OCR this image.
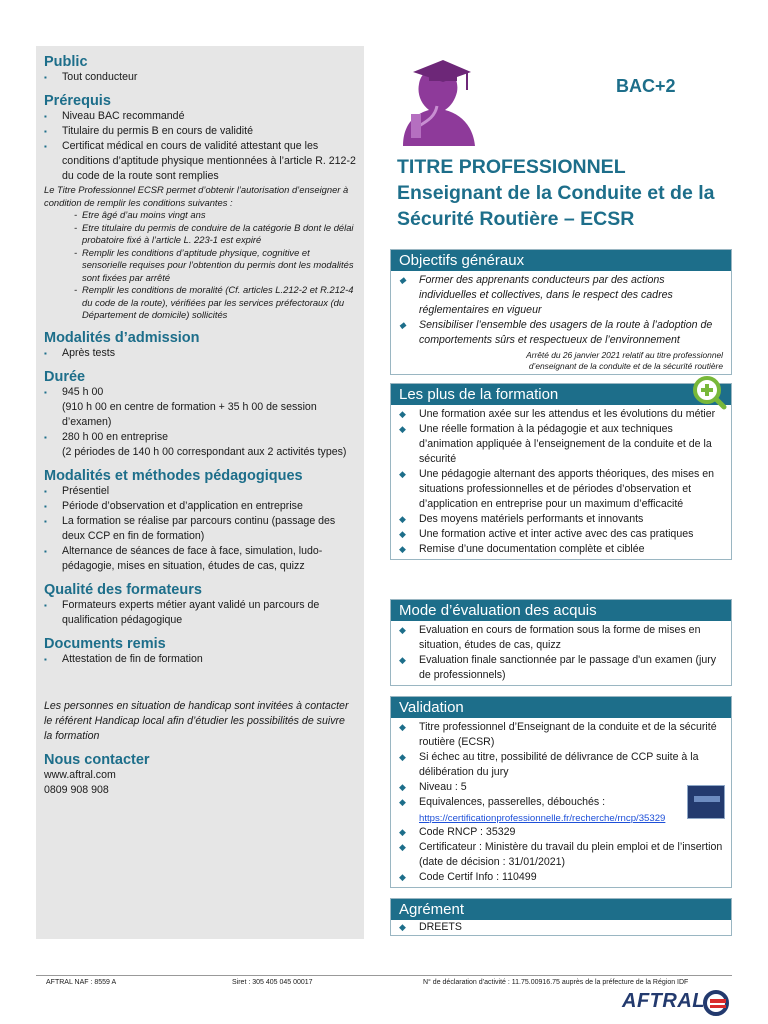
Public
▪ Tout conducteur
Prérequis
▪ Niveau BAC recommandé
▪ Titulaire du permis B en cours de validité
▪ Certificat médical en cours de validité attestant que les conditions d’aptitude physique mentionnées à l’article R. 212-2 du code de la route sont remplies

Le Titre Professionnel ECSR permet d’obtenir l’autorisation d’enseigner à condition de remplir les conditions suivantes :

- Etre âgé d’au moins vingt ans
- Etre titulaire du permis de conduire de la catégorie B dont le délai probatoire fixé à l’article L. 223-1 est expiré
- Remplir les conditions d’aptitude physique, cognitive et sensorielle requises pour l’obtention du permis dont les modalités sont fixées par arrêté
- Remplir les conditions de moralité (Cf. articles L.212-2 et R.212-4 du code de la route), vérifiées par les services préfectoraux (du Département de domicile) sollicités
Modalités d’admission
▪ Après tests
Durée
▪ 945 h 00
(910 h 00 en centre de formation + 35 h 00 de session d’examen)
▪ 280 h 00 en entreprise
(2 périodes de 140 h 00 correspondant aux 2 activités types)
Modalités et méthodes pédagogiques
▪ Présentiel
▪ Période d’observation et d’application en entreprise
▪ La formation se réalise par parcours continu (passage des deux CCP en fin de formation)
▪ Alternance de séances de face à face, simulation, ludo-pédagogie, mises en situation, études de cas, quizz
Qualité des formateurs
▪ Formateurs experts métier ayant validé un parcours de qualification pédagogique
Documents remis
▪ Attestation de fin de formation

Les personnes en situation de handicap sont invitées à contacter le référent Handicap local afin d’étudier les possibilités de suivre la formation

Nous contacter

www.aftral.com

0809 908 908

BAC+2
TITRE PROFESSIONNEL
Enseignant de la Conduite et de la
Sécurité Routière – ECSR
Objectifs généraux
◆ Former des apprenants conducteurs par des actions individuelles et collectives, dans le respect des cadres réglementaires en vigueur
◆ Sensibiliser l’ensemble des usagers de la route à l’adoption de comportements sûrs et respectueux de l’environnement
Arrêté du 26 janvier 2021 relatif au titre professionnel
d’enseignant de la conduite et de la sécurité routière
Les plus de la formation
◆ Une formation axée sur les attendus et les évolutions du métier
◆ Une réelle formation à la pédagogie et aux techniques d’animation appliquée à l’enseignement de la conduite et de la sécurité
◆ Une pédagogie alternant des apports théoriques, des mises en situations professionnelles et de périodes d’observation et d’application en entreprise pour un maximum d’efficacité
◆ Des moyens matériels performants et innovants
◆ Une formation active et inter active avec des cas pratiques
◆ Remise d’une documentation complète et ciblée
Mode d’évaluation des acquis
◆ Evaluation en cours de formation sous la forme de mises en situation, études de cas, quizz
◆ Evaluation finale sanctionnée par le passage d'un examen (jury de professionnels)
Validation
◆ Titre professionnel d’Enseignant de la conduite et de la sécurité routière (ECSR)
◆ Si échec au titre, possibilité de délivrance de CCP suite à la délibération du jury
◆ Niveau : 5
◆ Equivalences, passerelles, débouchés :
https://certificationprofessionnelle.fr/recherche/rncp/35329
◆ Code RNCP : 35329
◆ Certificateur : Ministère du travail du plein emploi et de l’insertion (date de décision : 31/01/2021)
◆ Code Certif Info : 110499
Agrément
◆ DREETS
AFTRAL NAF : 8559 A	Siret : 305 405 045 00017	N° de déclaration d’activité : 11.75.00916.75 auprès de la préfecture de la Région IDF
AFTRAL
